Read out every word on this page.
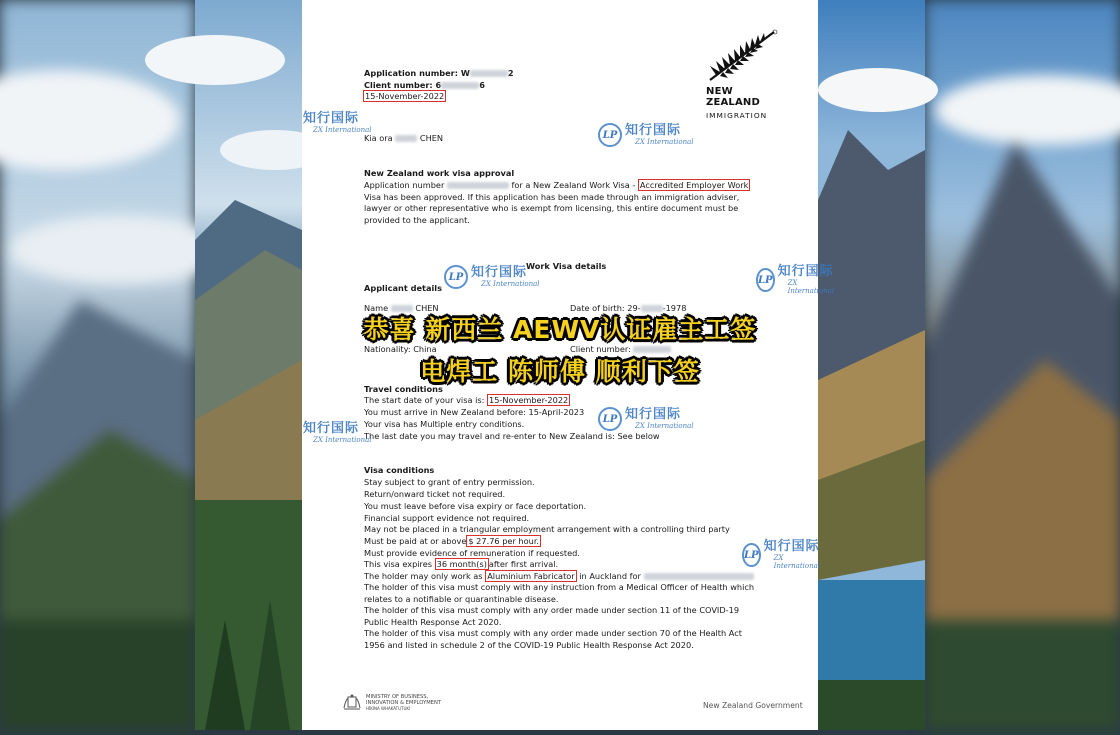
NEW ZEALAND
IMMIGRATION
Application number: W	2
Client number: 6	6
15-November-2022
Kia ora	CHEN
New Zealand work visa approval
Application number	for a New Zealand Work Visa - Accredited Employer Work Visa has been approved. If this application has been made through an immigration adviser, lawyer or other representative who is exempt from licensing, this entire document must be provided to the applicant.
Work Visa details
Applicant details
Name	CHEN	Date of birth: 29-	-1978
Nationality: China	Client number:
Travel conditions
The start date of your visa is: 15-November-2022
You must arrive in New Zealand before: 15-April-2023
Your visa has Multiple entry conditions.
The last date you may travel and re-enter to New Zealand is: See below
Visa conditions
Stay subject to grant of entry permission.
Return/onward ticket not required.
You must leave before visa expiry or face deportation.
Financial support evidence not required.
May not be placed in a triangular employment arrangement with a controlling third party
Must be paid at or above $ 27.76 per hour.
Must provide evidence of remuneration if requested.
This visa expires 36 month(s) after first arrival.
The holder may only work as Aluminium Fabricator in Auckland for
The holder of this visa must comply with any instruction from a Medical Officer of Health which relates to a notifiable or quarantinable disease.
The holder of this visa must comply with any order made under section 11 of the COVID-19 Public Health Response Act 2020.
The holder of this visa must comply with any order made under section 70 of the Health Act 1956 and listed in schedule 2 of the COVID-19 Public Health Response Act 2020.
MINISTRY OF BUSINESS,
INNOVATION & EMPLOYMENT
HĪKINA WHAKATUTUKI	New Zealand Government
知行国际
ZX International	LP 知行国际
ZX International
LP 知行国际
ZX International	LP
知行国际
ZX International
LP 知行国际
ZX International
知行国际
ZX International
LP
知行国际
ZX International
恭喜 新西兰 AEWV认证雇主工签
电焊工 陈师傅 顺利下签
